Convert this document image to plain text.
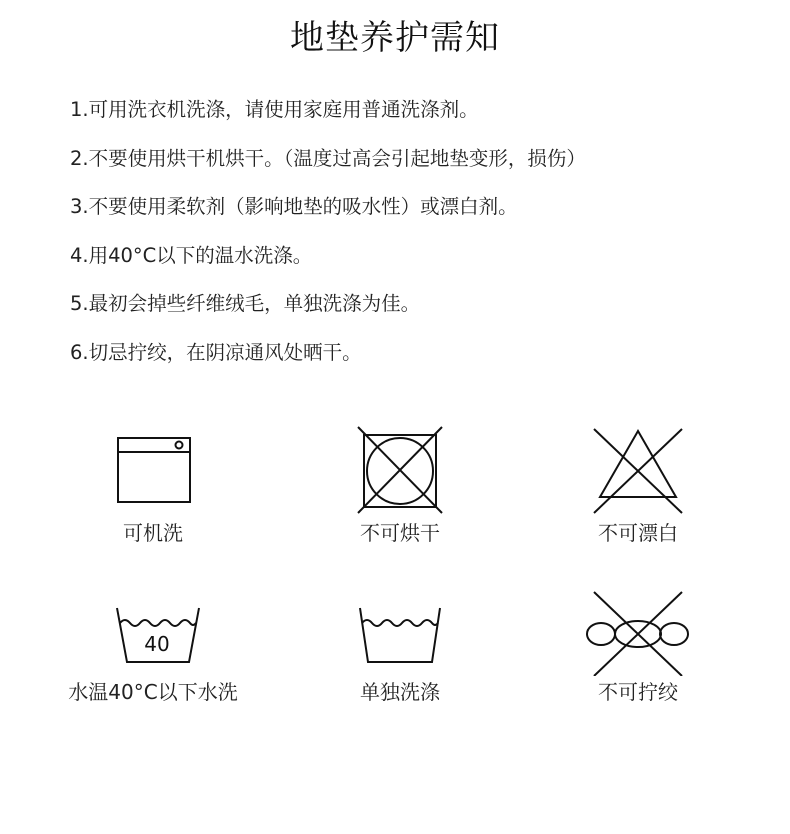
地垫养护需知
1.可用洗衣机洗涤，请使用家庭用普通洗涤剂。
2.不要使用烘干机烘干。（温度过高会引起地垫变形，损伤）
3.不要使用柔软剂（影响地垫的吸水性）或漂白剂。
4.用40°C以下的温水洗涤。
5.最初会掉些纤维绒毛，单独洗涤为佳。
6.切忌拧绞，在阴凉通风处晒干。
可机洗	不可烘干	不可漂白
40
水温40°C以下水洗	单独洗涤	不可拧绞
